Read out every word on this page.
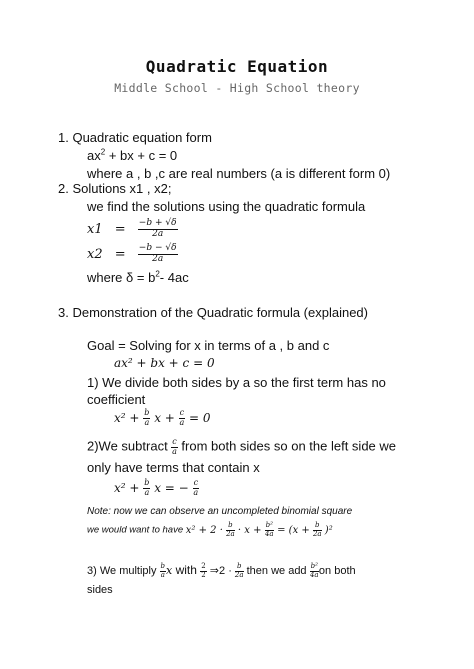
Quadratic Equation
Middle School - High School theory
1. Quadratic equation form
$ax^2$ + bx + c = 0
where a , b ,c are real numbers (a is different form 0)
2. Solutions x1 , x2;
we find the solutions using the quadratic formula
$x1 = \frac{-b + √\delta}{2a}$
$x2 = \frac{-b - √\delta}{2a}$
where $\delta = b^2-$ 4ac
3. Demonstration of the Quadratic formula (explained)
Goal = Solving for x in terms of a , b and c
ax² + bx + c = 0
1) We divide both sides by a so the first term has no
coefficient
$x^2 + \frac{b}{a}$ $x + \frac{c}{a} = 0$
2)We subtract $\frac{c}{a}$ from both sides so on the left side we
only have terms that contain x
$x^2 + \frac{b}{a}$ x = − $\frac{c}{a}$
Note: now we can observe an uncompleted binomial square
we would want to have $x^2 + 2 \cdot \frac{b}{2a} \cdot x + \frac{\text{b²}}{4a} = (x + \frac{b}{2a} )^2$
3) We multiply $\frac{b}{a}$ x with $\frac{2}{2}$ ⇒2 · $\frac{b}{2a}$ then we add $\frac{\text{b²}}{4a}$ on both
sides
